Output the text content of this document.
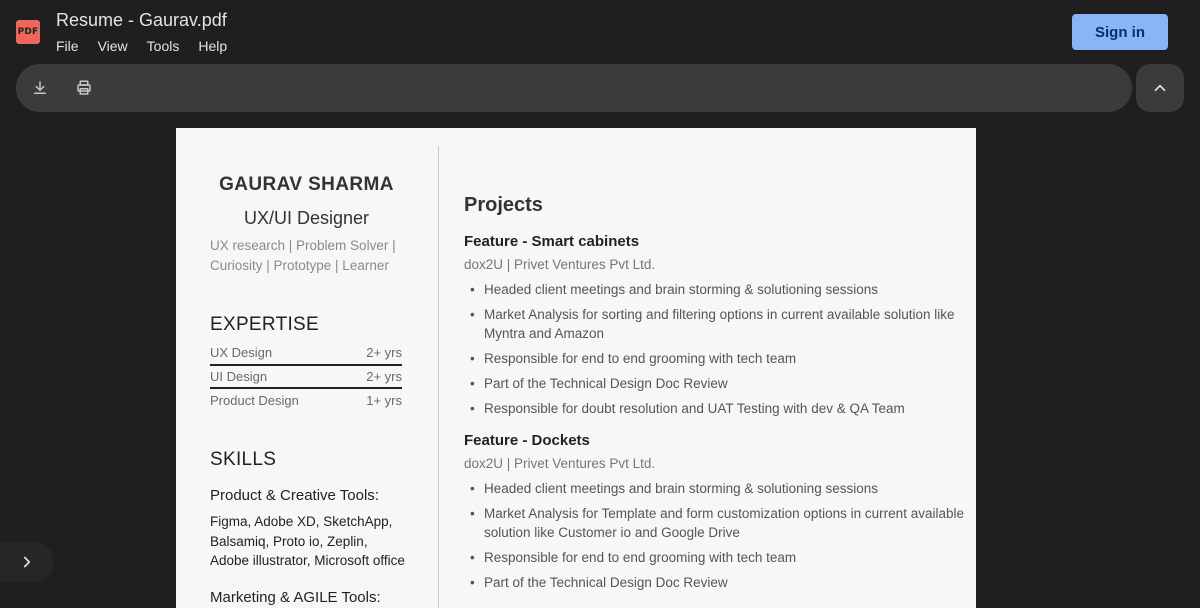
PDF
Resume - Gaurav.pdf
File View Tools Help
Sign in
GAURAV SHARMA
UX/UI Designer
UX research | Problem Solver |
Curiosity | Prototype | Learner
EXPERTISE
UX Design	2+ yrs
UI Design	2+ yrs
Product Design	1+ yrs
SKILLS
Product & Creative Tools:
Figma, Adobe XD, SketchApp,
Balsamiq, Proto io, Zeplin,
Adobe illustrator, Microsoft office
Marketing & AGILE Tools:
Projects
Feature - Smart cabinets
dox2U | Privet Ventures Pvt Ltd.
• Headed client meetings and brain storming & solutioning sessions
• Market Analysis for sorting and filtering options in current available solution like Myntra and Amazon
• Responsible for end to end grooming with tech team
• Part of the Technical Design Doc Review
• Responsible for doubt resolution and UAT Testing with dev & QA Team
Feature - Dockets
dox2U | Privet Ventures Pvt Ltd.
• Headed client meetings and brain storming & solutioning sessions
• Market Analysis for Template and form customization options in current available solution like Customer io and Google Drive
• Responsible for end to end grooming with tech team
• Part of the Technical Design Doc Review
